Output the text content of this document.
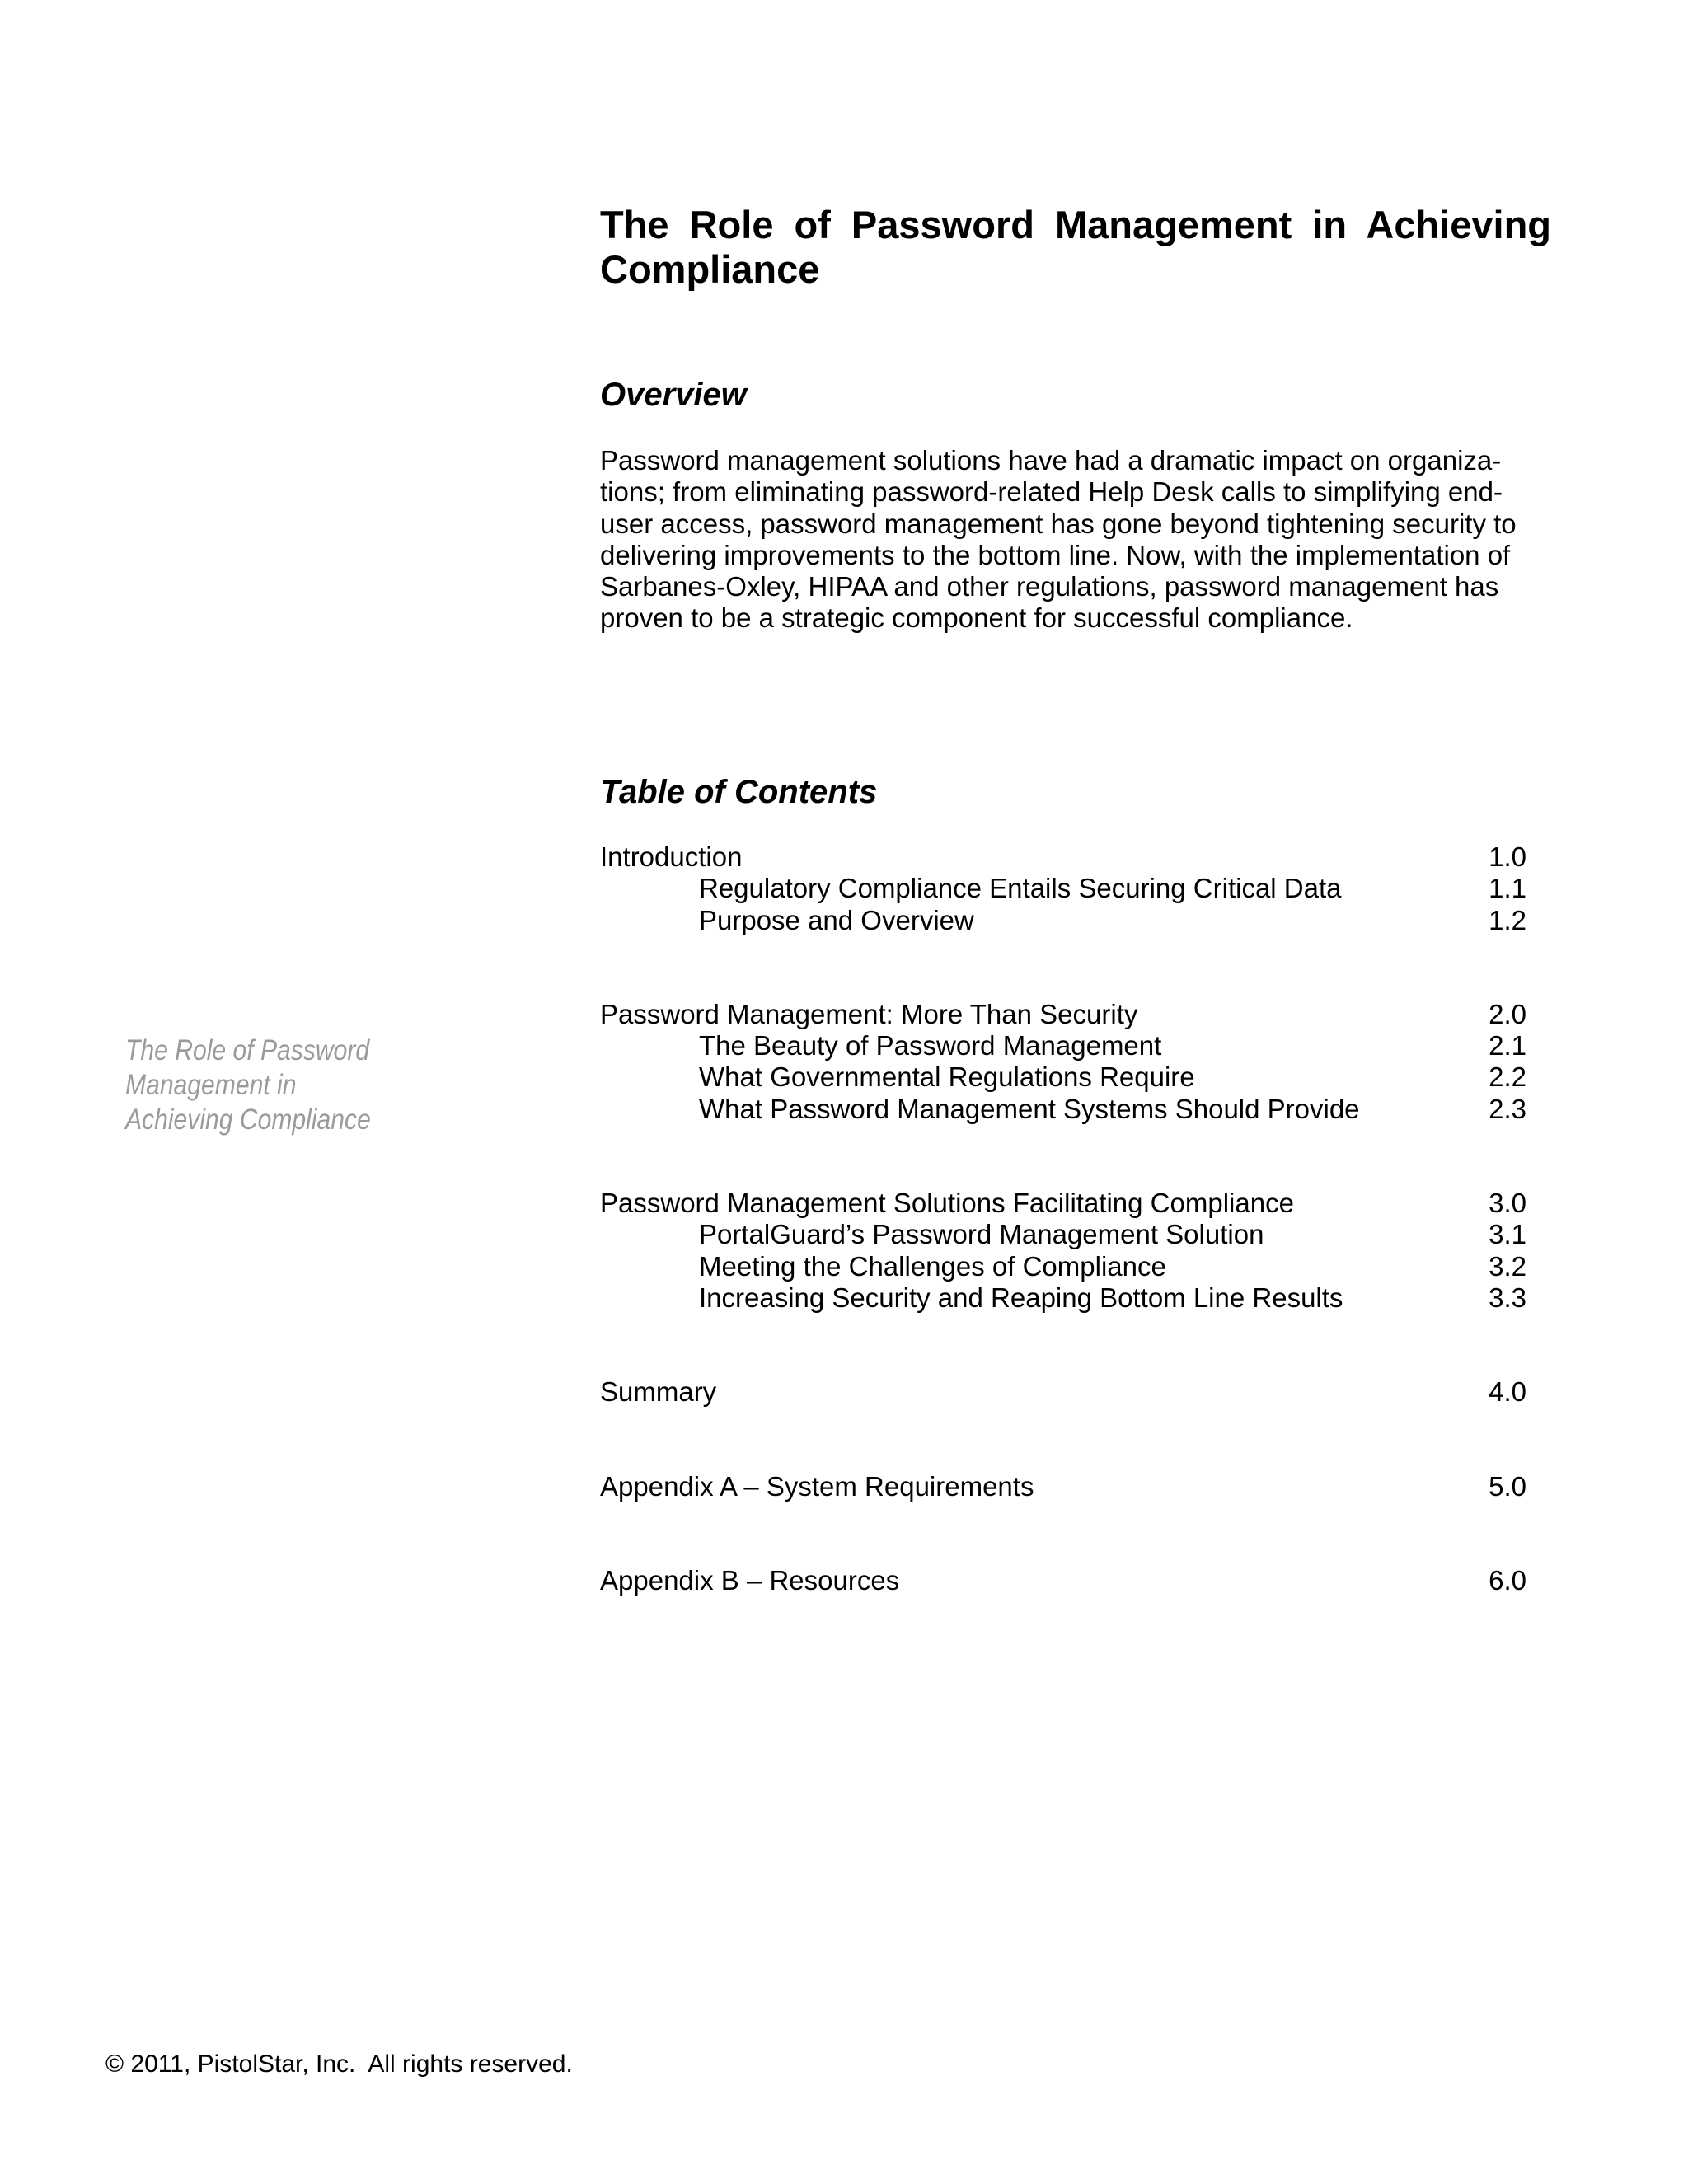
The Role of Password Management in Achieving Compliance
Overview

Password management solutions have had a dramatic impact on organiza-
tions; from eliminating password-related Help Desk calls to simplifying end-
user access, password management has gone beyond tightening security to
delivering improvements to the bottom line. Now, with the implementation of
Sarbanes-Oxley, HIPAA and other regulations, password management has
proven to be a strategic component for successful compliance.

Table of Contents
Introduction	1.0
Regulatory Compliance Entails Securing Critical Data	1.1
Purpose and Overview	1.2
Password Management: More Than Security	2.0
The Beauty of Password Management	2.1
What Governmental Regulations Require	2.2
What Password Management Systems Should Provide	2.3
Password Management Solutions Facilitating Compliance	3.0
PortalGuard’s Password Management Solution	3.1
Meeting the Challenges of Compliance	3.2
Increasing Security and Reaping Bottom Line Results	3.3
Summary	4.0
Appendix A – System Requirements	5.0
Appendix B – Resources	6.0

The Role of Password
Management in
Achieving Compliance

© 2011, PistolStar, Inc.  All rights reserved.
